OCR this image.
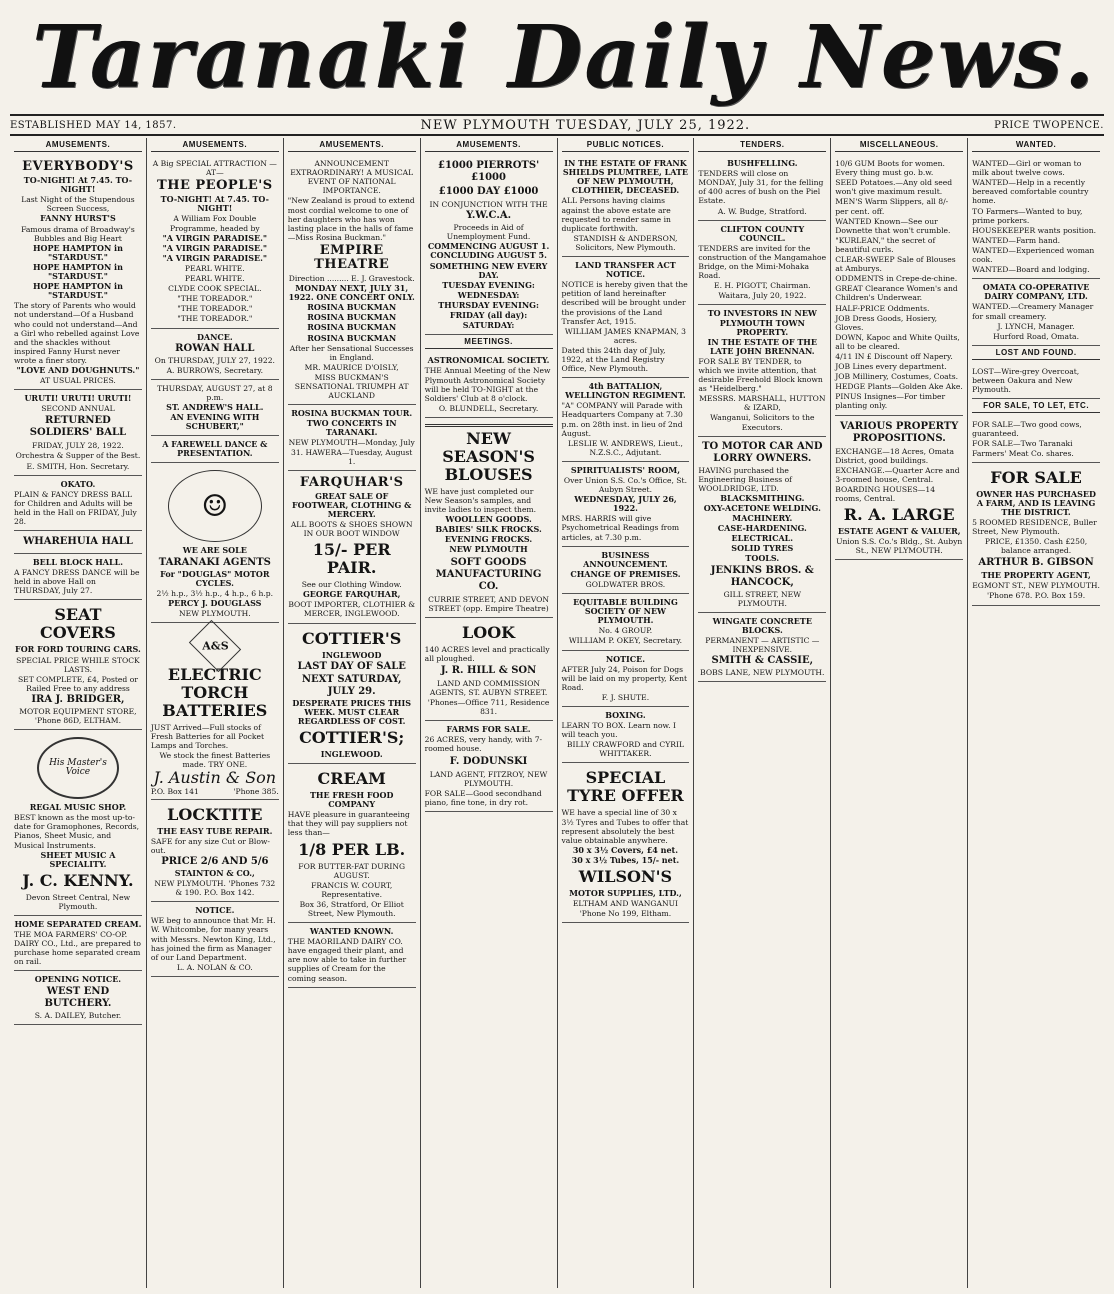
Taranaki Daily News.
ESTABLISHED MAY 14, 1857.	NEW PLYMOUTH TUESDAY, JULY 25, 1922.	PRICE TWOPENCE.
AMUSEMENTS.
EVERYBODY'S

TO-NIGHT! At 7.45. TO-NIGHT!

Last Night of the Stupendous Screen Success,

FANNY HURST'S

Famous drama of Broadway's Bubbles and Big Heart

HOPE HAMPTON in "STARDUST."

HOPE HAMPTON in "STARDUST."

HOPE HAMPTON in "STARDUST."

The story of Parents who would not understand—Of a Husband who could not understand—And a Girl who rebelled against Love and the shackles without inspired Fanny Hurst never wrote a finer story.

"LOVE AND DOUGHNUTS."

AT USUAL PRICES.

URUTI! URUTI! URUTI!

SECOND ANNUAL

RETURNED SOLDIERS' BALL

FRIDAY, JULY 28, 1922.

Orchestra & Supper of the Best.

E. SMITH, Hon. Secretary.

OKATO.

PLAIN & FANCY DRESS BALL for Children and Adults will be held in the Hall on FRIDAY, July 28.

WHAREHUIA HALL

BELL BLOCK HALL.

A FANCY DRESS DANCE will be held in above Hall on THURSDAY, July 27.

SEAT COVERS

FOR FORD TOURING CARS.

SPECIAL PRICE WHILE STOCK LASTS.

SET COMPLETE, £4, Posted or Railed Free to any address

IRA J. BRIDGER,

MOTOR EQUIPMENT STORE, 'Phone 86D, ELTHAM.

His Master's Voice

REGAL MUSIC SHOP.

BEST known as the most up-to-date for Gramophones, Records, Pianos, Sheet Music, and Musical Instruments.

SHEET MUSIC A SPECIALITY.

J. C. KENNY.

Devon Street Central, New Plymouth.

HOME SEPARATED CREAM.

THE MOA FARMERS' CO-OP. DAIRY CO., Ltd., are prepared to purchase home separated cream on rail.

OPENING NOTICE.

WEST END BUTCHERY.

S. A. DAILEY, Butcher.

AMUSEMENTS.

A Big SPECIAL ATTRACTION —AT—

THE PEOPLE'S

TO-NIGHT! At 7.45. TO-NIGHT!

A William Fox Double Programme, headed by

"A VIRGIN PARADISE."

"A VIRGIN PARADISE."

"A VIRGIN PARADISE."

PEARL WHITE.

PEARL WHITE.

CLYDE COOK SPECIAL.

"THE TOREADOR."

"THE TOREADOR."

"THE TOREADOR."

DANCE.

ROWAN HALL

On THURSDAY, JULY 27, 1922.

A. BURROWS, Secretary.

THURSDAY, AUGUST 27, at 8 p.m.

ST. ANDREW'S HALL.

AN EVENING WITH SCHUBERT,"

A FAREWELL DANCE & PRESENTATION.

☺

WE ARE SOLE

TARANAKI AGENTS

For "DOUGLAS" MOTOR CYCLES.

2½ h.p., 3½ h.p., 4 h.p., 6 h.p.

PERCY J. DOUGLASS

NEW PLYMOUTH.

A&S
ELECTRIC TORCH BATTERIES

JUST Arrived—Full stocks of Fresh Batteries for all Pocket Lamps and Torches.

We stock the finest Batteries made. TRY ONE.

J. Austin & Son
P.O. Box 141	'Phone 385.
LOCKTITE

THE EASY TUBE REPAIR.

SAFE for any size Cut or Blow-out.

PRICE 2/6 AND 5/6

STAINTON & CO.,

NEW PLYMOUTH. 'Phones 732 & 190. P.O. Box 142.

NOTICE.

WE beg to announce that Mr. H. W. Whitcombe, for many years with Messrs. Newton King, Ltd., has joined the firm as Manager of our Land Department.

L. A. NOLAN & CO.

AMUSEMENTS.

ANNOUNCEMENT EXTRAORDINARY! A MUSICAL EVENT OF NATIONAL IMPORTANCE.

"New Zealand is proud to extend most cordial welcome to one of her daughters who has won lasting place in the halls of fame—Miss Rosina Buckman."

EMPIRE THEATRE

Direction ......... E. J. Gravestock.

MONDAY NEXT, JULY 31, 1922. ONE CONCERT ONLY.

ROSINA BUCKMAN

ROSINA BUCKMAN

ROSINA BUCKMAN

ROSINA BUCKMAN

After her Sensational Successes in England.

MR. MAURICE D'OISLY,

MISS BUCKMAN'S SENSATIONAL TRIUMPH AT AUCKLAND

ROSINA BUCKMAN TOUR.

TWO CONCERTS IN TARANAKI.

NEW PLYMOUTH—Monday, July 31. HAWERA—Tuesday, August 1.

FARQUHAR'S

GREAT SALE OF FOOTWEAR, CLOTHING & MERCERY.

ALL BOOTS & SHOES SHOWN IN OUR BOOT WINDOW

15/- PER PAIR.

See our Clothing Window.

GEORGE FARQUHAR,

BOOT IMPORTER, CLOTHIER & MERCER, INGLEWOOD.

COTTIER'S

INGLEWOOD

LAST DAY OF SALE

NEXT SATURDAY, JULY 29.

DESPERATE PRICES THIS WEEK. MUST CLEAR REGARDLESS OF COST.

COTTIER'S;

INGLEWOOD.

CREAM

THE FRESH FOOD COMPANY

HAVE pleasure in guaranteeing that they will pay suppliers not less than—

1/8 PER LB.

FOR BUTTER-FAT DURING AUGUST.

FRANCIS W. COURT, Representative.

Box 36, Stratford, Or Elliot Street, New Plymouth.

WANTED KNOWN.

THE MAORILAND DAIRY CO. have engaged their plant, and are now able to take in further supplies of Cream for the coming season.

AMUSEMENTS.
£1000 PIERROTS' £1000
£1000 DAY £1000

IN CONJUNCTION WITH THE

Y.W.C.A.

Proceeds in Aid of Unemployment Fund.

COMMENCING AUGUST 1. CONCLUDING AUGUST 5.

SOMETHING NEW EVERY DAY.

TUESDAY EVENING:

WEDNESDAY:

THURSDAY EVENING:

FRIDAY (all day):

SATURDAY:

MEETINGS.

ASTRONOMICAL SOCIETY.

THE Annual Meeting of the New Plymouth Astronomical Society will be held TO-NIGHT at the Soldiers' Club at 8 o'clock.

O. BLUNDELL, Secretary.

NEW SEASON'S BLOUSES

WE have just completed our New Season's samples, and invite ladies to inspect them.

WOOLLEN GOODS.

BABIES' SILK FROCKS.

EVENING FROCKS.

NEW PLYMOUTH

SOFT GOODS MANUFACTURING CO.

CURRIE STREET, AND DEVON STREET (opp. Empire Theatre)

LOOK

140 ACRES level and practically all ploughed.

J. R. HILL & SON

LAND AND COMMISSION AGENTS, ST. AUBYN STREET.

'Phones—Office 711, Residence 831.

FARMS FOR SALE.

26 ACRES, very handy, with 7-roomed house.

F. DODUNSKI

LAND AGENT, FITZROY, NEW PLYMOUTH.

FOR SALE—Good secondhand piano, fine tone, in dry rot.

PUBLIC NOTICES.

IN THE ESTATE OF FRANK SHIELDS PLUMTREE, LATE OF NEW PLYMOUTH, CLOTHIER, DECEASED.

ALL Persons having claims against the above estate are requested to render same in duplicate forthwith.

STANDISH & ANDERSON, Solicitors, New Plymouth.

LAND TRANSFER ACT NOTICE.

NOTICE is hereby given that the petition of land hereinafter described will be brought under the provisions of the Land Transfer Act, 1915.

WILLIAM JAMES KNAPMAN, 3 acres.

Dated this 24th day of July, 1922, at the Land Registry Office, New Plymouth.

4th BATTALION, WELLINGTON REGIMENT.

"A" COMPANY will Parade with Headquarters Company at 7.30 p.m. on 28th inst. in lieu of 2nd August.

LESLIE W. ANDREWS, Lieut., N.Z.S.C., Adjutant.

SPIRITUALISTS' ROOM,

Over Union S.S. Co.'s Office, St. Aubyn Street.

WEDNESDAY, JULY 26, 1922.

MRS. HARRIS will give Psychometrical Readings from articles, at 7.30 p.m.

BUSINESS ANNOUNCEMENT.

CHANGE OF PREMISES.

GOLDWATER BROS.

EQUITABLE BUILDING SOCIETY OF NEW PLYMOUTH.

No. 4 GROUP.

WILLIAM P. OKEY, Secretary.

NOTICE.

AFTER July 24, Poison for Dogs will be laid on my property, Kent Road.

F. J. SHUTE.

BOXING.

LEARN TO BOX. Learn now. I will teach you.

BILLY CRAWFORD and CYRIL WHITTAKER.

SPECIAL TYRE OFFER

WE have a special line of 30 x 3½ Tyres and Tubes to offer that represent absolutely the best value obtainable anywhere.

30 x 3½ Covers, £4 net.

30 x 3½ Tubes, 15/- net.

WILSON'S

MOTOR SUPPLIES, LTD.,

ELTHAM AND WANGANUI

'Phone No 199, Eltham.

TENDERS.

BUSHFELLING.

TENDERS will close on MONDAY, July 31, for the felling of 400 acres of bush on the Piel Estate.

A. W. Budge, Stratford.

CLIFTON COUNTY COUNCIL.

TENDERS are invited for the construction of the Mangamahoe Bridge, on the Mimi-Mohaka Road.

E. H. PIGOTT, Chairman.

Waitara, July 20, 1922.

TO INVESTORS IN NEW PLYMOUTH TOWN PROPERTY.

IN THE ESTATE OF THE LATE JOHN BRENNAN.

FOR SALE BY TENDER, to which we invite attention, that desirable Freehold Block known as "Heidelberg."

MESSRS. MARSHALL, HUTTON & IZARD,

Wanganui, Solicitors to the Executors.

TO MOTOR CAR AND LORRY OWNERS.

HAVING purchased the Engineering Business of WOOLDRIDGE, LTD.

BLACKSMITHING.

OXY-ACETONE WELDING.

MACHINERY.

CASE-HARDENING.

ELECTRICAL.

SOLID TYRES

TOOLS.

JENKINS BROS. & HANCOCK,

GILL STREET, NEW PLYMOUTH.

WINGATE CONCRETE BLOCKS.

PERMANENT — ARTISTIC — INEXPENSIVE.

SMITH & CASSIE,

BOBS LANE, NEW PLYMOUTH.

MISCELLANEOUS.

10/6 GUM Boots for women. Every thing must go. b.w.

SEED Potatoes.—Any old seed won't give maximum result.

MEN'S Warm Slippers, all 8/- per cent. off.

WANTED Known—See our Downette that won't crumble.

"KURLEAN," the secret of beautiful curls.

CLEAR-SWEEP Sale of Blouses at Amburys.

ODDMENTS in Crepe-de-chine.

GREAT Clearance Women's and Children's Underwear.

HALF-PRICE Oddments.

JOB Dress Goods, Hosiery, Gloves.

DOWN, Kapoc and White Quilts, all to be cleared.

4/11 IN £ Discount off Napery.

JOB Lines every department.

JOB Millinery, Costumes, Coats.

HEDGE Plants—Golden Ake Ake.

PINUS Insignes—For timber planting only.

VARIOUS PROPERTY PROPOSITIONS.

EXCHANGE—18 Acres, Omata District, good buildings.

EXCHANGE.—Quarter Acre and 3-roomed house, Central.

BOARDING HOUSES—14 rooms, Central.

R. A. LARGE

ESTATE AGENT & VALUER,

Union S.S. Co.'s Bldg., St. Aubyn St., NEW PLYMOUTH.

WANTED.

WANTED—Girl or woman to milk about twelve cows.

WANTED—Help in a recently bereaved comfortable country home.

TO Farmers—Wanted to buy, prime porkers.

HOUSEKEEPER wants position.

WANTED—Farm hand.

WANTED—Experienced woman cook.

WANTED—Board and lodging.

OMATA CO-OPERATIVE DAIRY COMPANY, LTD.

WANTED.—Creamery Manager for small creamery.

J. LYNCH, Manager.

Hurford Road, Omata.

LOST AND FOUND.

LOST—Wire-grey Overcoat, between Oakura and New Plymouth.

FOR SALE, TO LET, ETC.

FOR SALE—Two good cows, guaranteed.

FOR SALE—Two Taranaki Farmers' Meat Co. shares.

FOR SALE

OWNER HAS PURCHASED A FARM, AND IS LEAVING THE DISTRICT.

5 ROOMED RESIDENCE, Buller Street, New Plymouth.

PRICE, £1350. Cash £250, balance arranged.

ARTHUR B. GIBSON

THE PROPERTY AGENT,

EGMONT ST., NEW PLYMOUTH.

'Phone 678. P.O. Box 159.
